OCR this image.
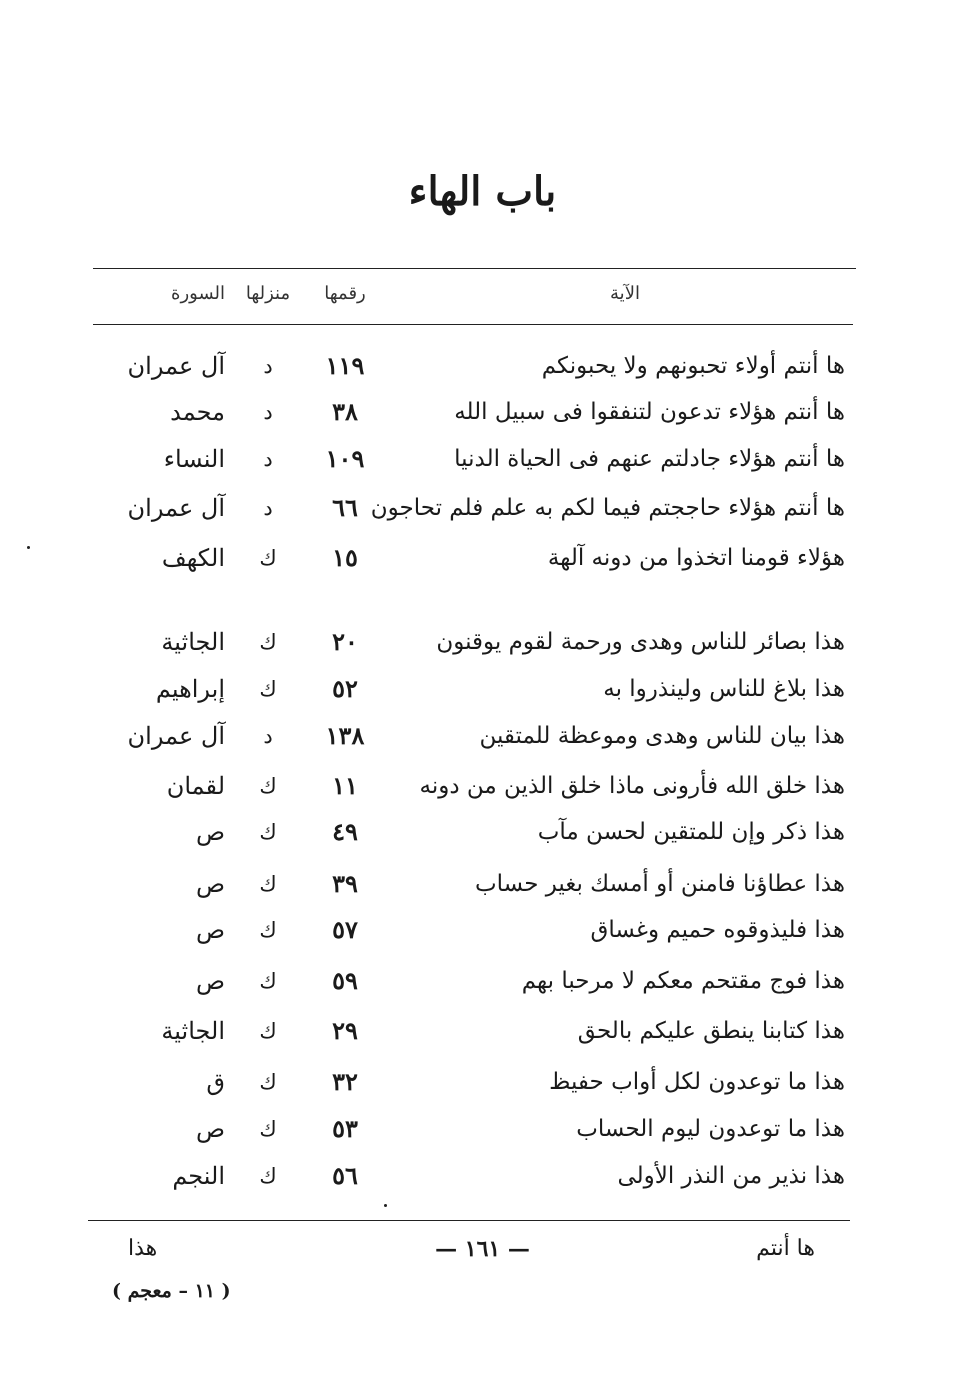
باب الهاء
الآية
رقمها
منزلها
السورة
ها أنتم أولاء تحبونهم ولا يحبونكم
١١٩
د
آل عمران
ها أنتم هؤلاء تدعون لتنفقوا فى سبيل الله
٣٨
د
محمد
ها أنتم هؤلاء جادلتم عنهم فى الحياة الدنيا
١٠٩
د
النساء
ها أنتم هؤلاء حاججتم فيما لكم به علم فلم تحاجون
٦٦
د
آل عمران
هؤلاء قومنا اتخذوا من دونه آلهة
١٥
ك
الكهف
هذا بصائر للناس وهدى ورحمة لقوم يوقنون
٢٠
ك
الجاثية
هذا بلاغ للناس ولينذروا به
٥٢
ك
إبراهيم
هذا بيان للناس وهدى وموعظة للمتقين
١٣٨
د
آل عمران
هذا خلق الله فأرونى ماذا خلق الذين من دونه
١١
ك
لقمان
هذا ذكر وإن للمتقين لحسن مآب
٤٩
ك
ص
هذا عطاؤنا فامنن أو أمسك بغير حساب
٣٩
ك
ص
هذا فليذوقوه حميم وغساق
٥٧
ك
ص
هذا فوج مقتحم معكم لا مرحبا بهم
٥٩
ك
ص
هذا كتابنا ينطق عليكم بالحق
٢٩
ك
الجاثية
هذا ما توعدون لكل أواب حفيظ
٣٢
ك
ق
هذا ما توعدون ليوم الحساب
٥٣
ك
ص
هذا نذير من النذر الأولى
٥٦
ك
النجم
ها أنتم
— ١٦١ —
هذا
( ١١ – معجم )
